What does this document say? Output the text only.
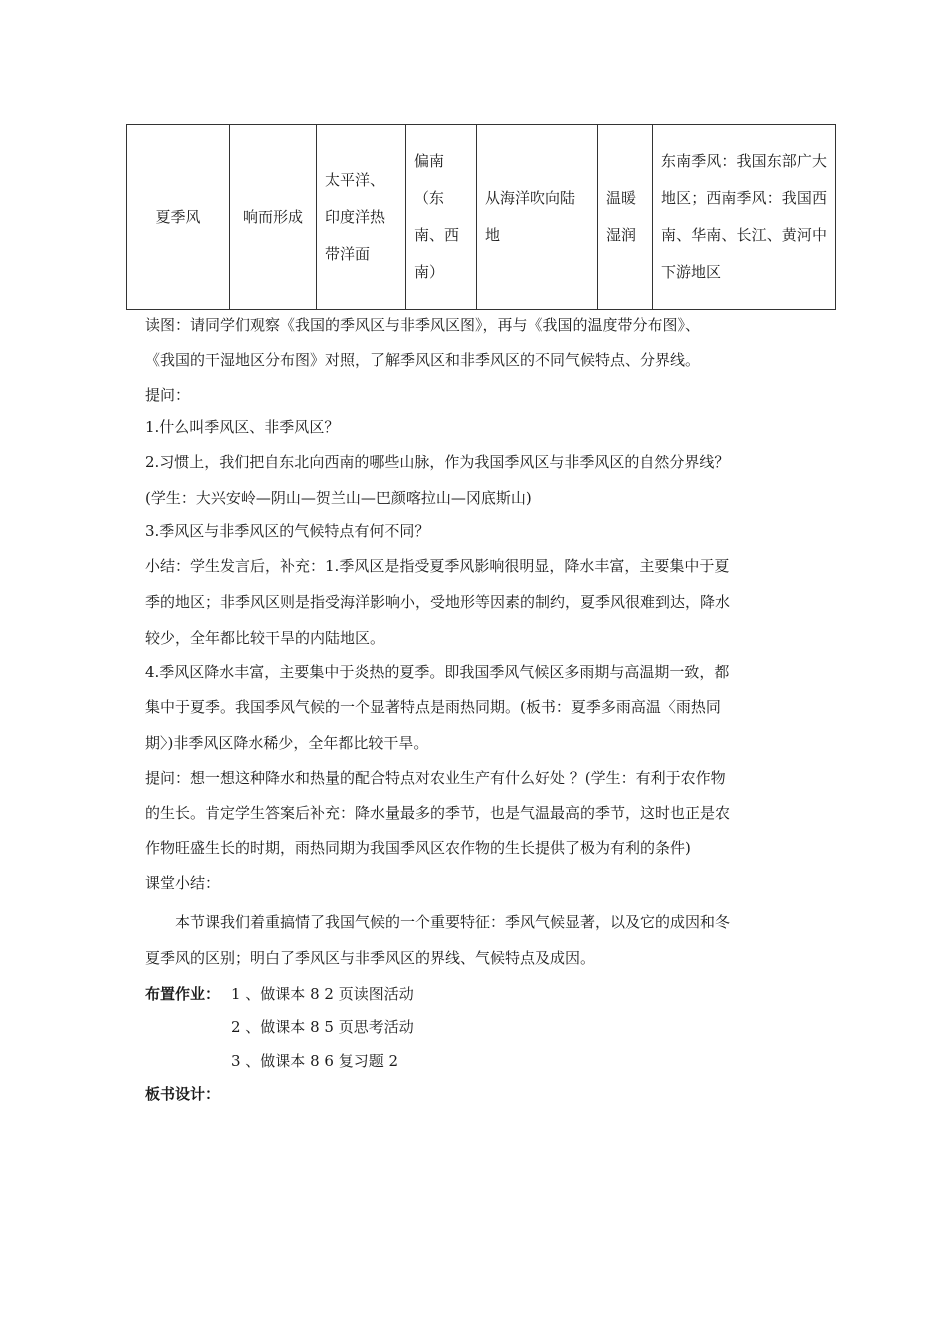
夏季风	响而形成	太平洋、印度洋热带洋面	偏南（东南、西南）	从海洋吹向陆地	温暖湿润	东南季风：我国东部广大地区；西南季风：我国西南、华南、长江、黄河中下游地区
读图：请同学们观察《我国的季风区与非季风区图》，再与《我国的温度带分布图》、
《我国的干湿地区分布图》对照，了解季风区和非季风区的不同气候特点、分界线。
提问：
1.什么叫季风区、非季风区？
2.习惯上，我们把自东北向西南的哪些山脉，作为我国季风区与非季风区的自然分界线？
(学生：大兴安岭—阴山—贺兰山—巴颜喀拉山—冈底斯山)
3.季风区与非季风区的气候特点有何不同？
小结：学生发言后，补充：1.季风区是指受夏季风影响很明显，降水丰富，主要集中于夏
季的地区；非季风区则是指受海洋影响小，受地形等因素的制约，夏季风很难到达，降水
较少，全年都比较干旱的内陆地区。
4.季风区降水丰富，主要集中于炎热的夏季。即我国季风气候区多雨期与高温期一致，都
集中于夏季。我国季风气候的一个显著特点是雨热同期。(板书：夏季多雨高温〈雨热同
期〉)非季风区降水稀少，全年都比较干旱。
提问：想一想这种降水和热量的配合特点对农业生产有什么好处 ？(学生：有利于农作物
的生长。肯定学生答案后补充：降水量最多的季节，也是气温最高的季节，这时也正是农
作物旺盛生长的时期，雨热同期为我国季风区农作物的生长提供了极为有利的条件)
课堂小结：
本节课我们着重搞情了我国气候的一个重要特征：季风气候显著，以及它的成因和冬
夏季风的区别；明白了季风区与非季风区的界线、气候特点及成因。
布置作业： 1 、做课本 8 2 页读图活动
2 、做课本 8 5 页思考活动
3 、做课本 8 6 复习题 2
板书设计：
